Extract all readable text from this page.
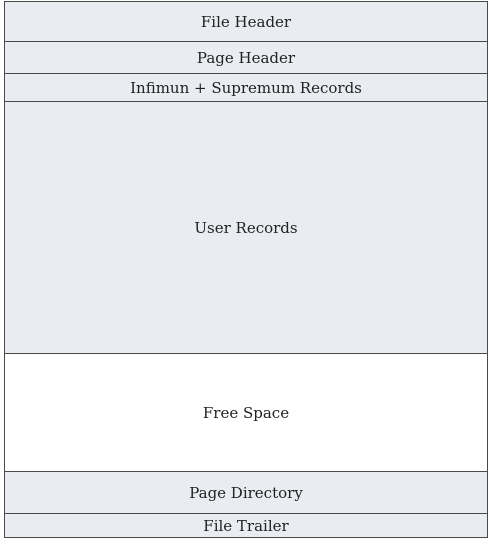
File Header
Page Header
Infimun + Supremum Records
User Records
Free Space
Page Directory
File Trailer
